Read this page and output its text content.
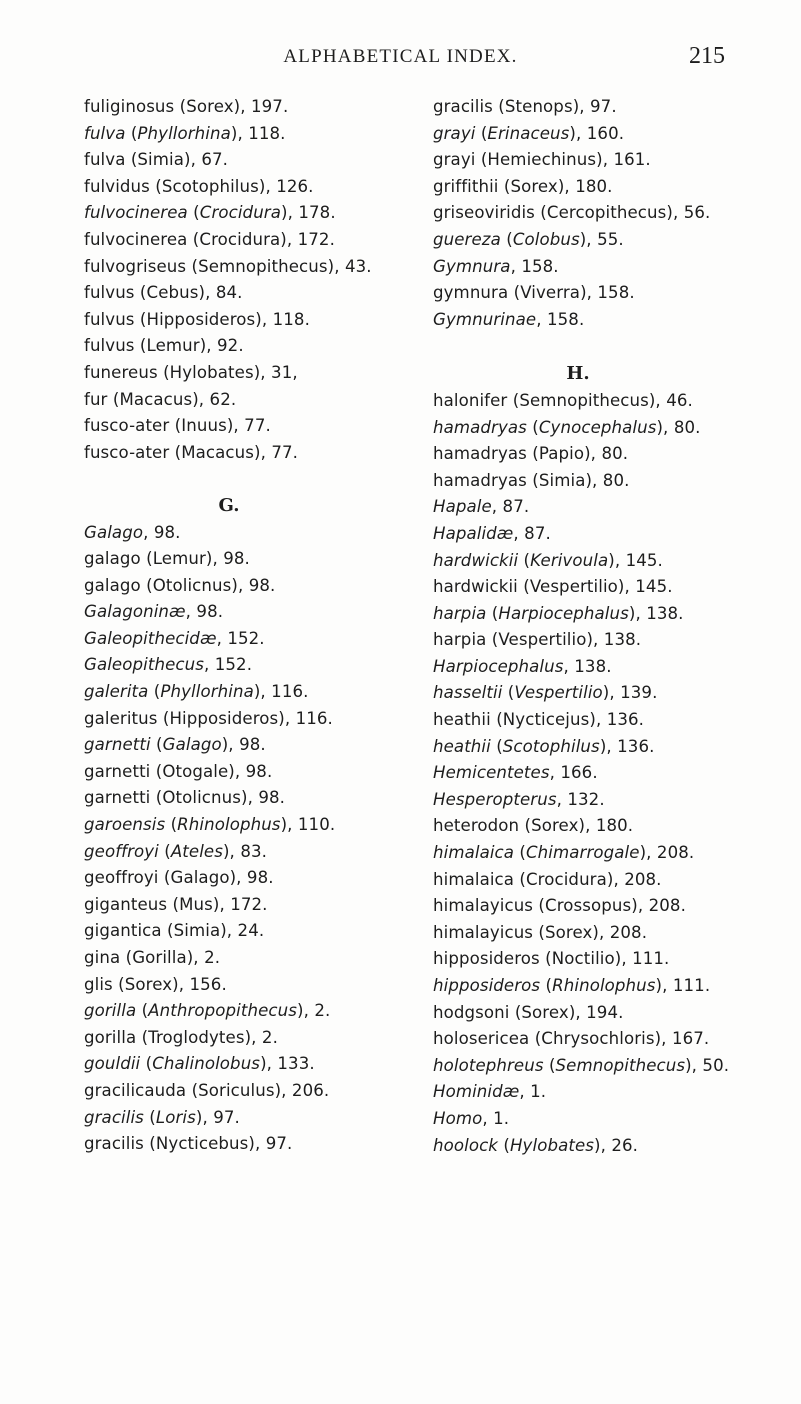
ALPHABETICAL INDEX.	215
fuliginosus (Sorex), 197.
fulva (Phyllorhina), 118.
fulva (Simia), 67.
fulvidus (Scotophilus), 126.
fulvocinerea (Crocidura), 178.
fulvocinerea (Crocidura), 172.
fulvogriseus (Semnopithecus), 43.
fulvus (Cebus), 84.
fulvus (Hipposideros), 118.
fulvus (Lemur), 92.
funereus (Hylobates), 31,
fur (Macacus), 62.
fusco-ater (Inuus), 77.
fusco-ater (Macacus), 77.
G.
Galago, 98.
galago (Lemur), 98.
galago (Otolicnus), 98.
Galagoninæ, 98.
Galeopithecidæ, 152.
Galeopithecus, 152.
galerita (Phyllorhina), 116.
galeritus (Hipposideros), 116.
garnetti (Galago), 98.
garnetti (Otogale), 98.
garnetti (Otolicnus), 98.
garoensis (Rhinolophus), 110.
geoffroyi (Ateles), 83.
geoffroyi (Galago), 98.
giganteus (Mus), 172.
gigantica (Simia), 24.
gina (Gorilla), 2.
glis (Sorex), 156.
gorilla (Anthropopithecus), 2.
gorilla (Troglodytes), 2.
gouldii (Chalinolobus), 133.
gracilicauda (Soriculus), 206.
gracilis (Loris), 97.
gracilis (Nycticebus), 97.
gracilis (Stenops), 97.
grayi (Erinaceus), 160.
grayi (Hemiechinus), 161.
griffithii (Sorex), 180.
griseoviridis (Cercopithecus), 56.
guereza (Colobus), 55.
Gymnura, 158.
gymnura (Viverra), 158.
Gymnurinae, 158.
H.
halonifer (Semnopithecus), 46.
hamadryas (Cynocephalus), 80.
hamadryas (Papio), 80.
hamadryas (Simia), 80.
Hapale, 87.
Hapalidæ, 87.
hardwickii (Kerivoula), 145.
hardwickii (Vespertilio), 145.
harpia (Harpiocephalus), 138.
harpia (Vespertilio), 138.
Harpiocephalus, 138.
hasseltii (Vespertilio), 139.
heathii (Nycticejus), 136.
heathii (Scotophilus), 136.
Hemicentetes, 166.
Hesperopterus, 132.
heterodon (Sorex), 180.
himalaica (Chimarrogale), 208.
himalaica (Crocidura), 208.
himalayicus (Crossopus), 208.
himalayicus (Sorex), 208.
hipposideros (Noctilio), 111.
hipposideros (Rhinolophus), 111.
hodgsoni (Sorex), 194.
holosericea (Chrysochloris), 167.
holotephreus (Semnopithecus), 50.
Hominidæ, 1.
Homo, 1.
hoolock (Hylobates), 26.
